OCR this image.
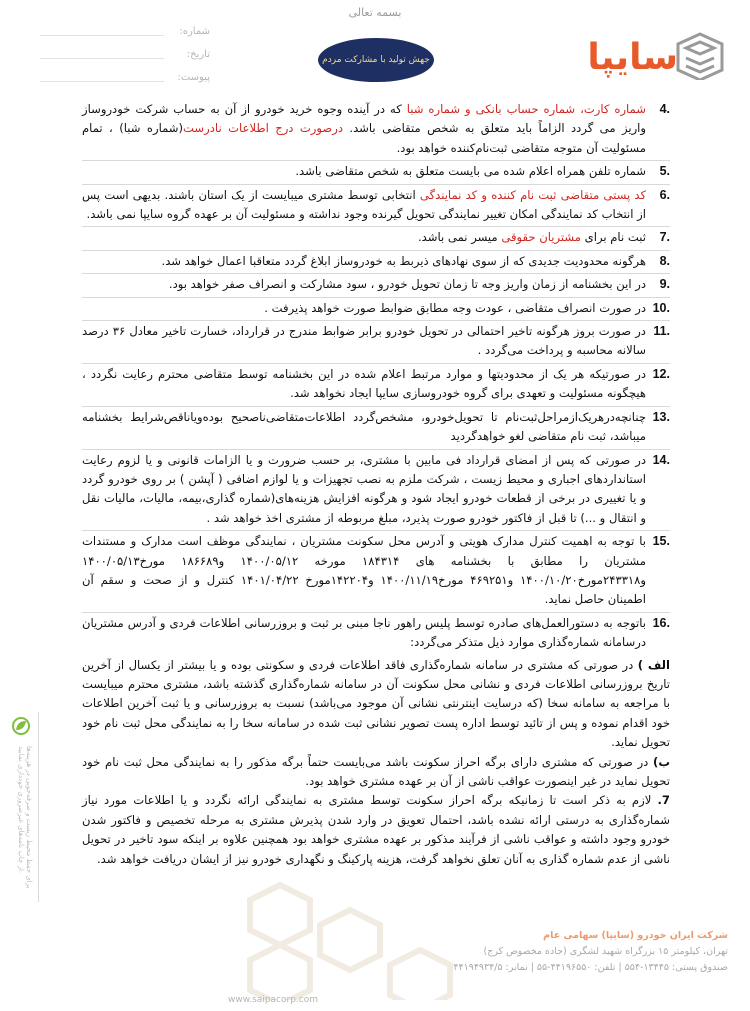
بسمه تعالی
شماره:
تاریخ:
پیوست:
جهش تولید با مشارکت مردم	سایپا
4.

شماره کارت، شماره حساب بانکی و شماره شبا که در آینده وجوه خرید خودرو از آن به حساب شرکت خودروساز واریز می گردد الزاماً باید متعلق به شخص متقاضی باشد. درصورت درج اطلاعات نادرست(شماره شبا) ، تمام مسئولیت آن متوجه متقاضی ثبت‌نام‌کننده خواهد بود.

5.

شماره تلفن همراه اعلام شده می بایست متعلق به شخص متقاضی باشد.

6.

کد پستی متقاضی ثبت نام کننده و کد نمایندگی انتخابی توسط مشتری میبایست از یک استان باشند. بدیهی است پس از انتخاب کد نمایندگی امکان تغییر نمایندگی تحویل گیرنده وجود نداشته و مسئولیت آن بر عهده گروه سایپا نمی باشد.

7.

ثبت نام برای مشتریان حقوقی میسر نمی باشد.

8.

هرگونه محدودیت جدیدی که از سوی نهادهای ذیربط به خودروساز ابلاغ گردد متعاقبا اعمال خواهد شد.

9.

در این بخشنامه از زمان واریز وجه تا زمان تحویل خودرو ، سود مشارکت و انصراف صفر خواهد بود.

10.

در صورت انصراف متقاضی ، عودت وجه مطابق ضوابط صورت خواهد پذیرفت .

11.

در صورت بروز هرگونه تاخیر احتمالی در تحویل خودرو برابر ضوابط مندرج در قرارداد، خسارت تاخیر معادل ۳۶ درصد سالانه محاسبه و پرداخت می‌گردد .

12.

در صورتیکه هر یک از محدودیتها و موارد مرتبط اعلام شده در این بخشنامه توسط متقاضی محترم رعایت نگردد ، هیچگونه مسئولیت و تعهدی برای گروه خودروسازی سایپا ایجاد نخواهد شد.

13.

چنانچه‌درهریک‌ازمراحل‌ثبت‌نام تا تحویل‌خودرو، مشخص‌گردد اطلاعات‌متقاضی‌ناصحیح بوده‌ویاناقص‌شرایط بخشنامه میباشد، ثبت نام متقاضی لغو خواهدگردید

14.

در صورتی که پس از امضای قرارداد فی مابین با مشتری، بر حسب ضرورت و یا الزامات قانونی و یا لزوم رعایت استانداردهای اجباری و محیط زیست ، شرکت ملزم به نصب تجهیزات و یا لوازم اضافی ( آپشن ) بر روی خودرو گردد و یا تغییری در برخی از قطعات خودرو ایجاد شود و هرگونه افزایش هزینه‌های(شماره گذاری،بیمه، مالیات، مالیات نقل و انتقال و ...) تا قبل از فاکتور خودرو صورت پذیرد، مبلغ مربوطه از مشتری اخذ خواهد شد .

15.

با توجه به اهمیت کنترل مدارک هویتی و آدرس محل سکونت مشتریان ، نمایندگی موظف است مدارک و مستندات مشتریان را مطابق با بخشنامه های ۱۸۴۳۱۴ مورخه ۱۴۰۰/۰۵/۱۲ و۱۸۶۶۸۹ مورخ۱۴۰۰/۰۵/۱۳ و۲۴۳۳۱۸مورخ۱۴۰۰/۱۰/۲۰ و۴۶۹۲۵۱ مورخ۱۴۰۰/۱۱/۱۹ و۱۴۲۲۰۴مورخ ۱۴۰۱/۰۴/۲۲ کنترل و از صحت و سقم آن اطمینان حاصل نماید.

16.

باتوجه به دستورالعمل‌های صادره توسط پلیس راهور ناجا مبنی بر ثبت و بروزرسانی اطلاعات فردی و آدرس مشتریان درسامانه شماره‌گذاری موارد ذیل متذکر می‌گردد:

الف ) در صورتی که مشتری در سامانه شماره‌گذاری فاقد اطلاعات فردی و سکونتی بوده و یا بیشتر از یکسال از آخرین تاریخ بروزرسانی اطلاعات فردی و نشانی محل سکونت آن در سامانه شماره‌گذاری گذشته باشد، مشتری محترم میبایست با مراجعه به سامانه سخا (که درسایت اینترنتی نشانی آن موجود می‌باشد) نسبت به بروزرسانی و یا ثبت آخرین اطلاعات خود اقدام نموده و پس از تائید توسط اداره پست تصویر نشانی ثبت شده در سامانه سخا را به نمایندگی محل ثبت نام خود تحویل نماید.

ب) در صورتی که مشتری دارای برگه احراز سکونت باشد می‌بایست حتماً برگه مذکور را به نمایندگی محل ثبت نام خود تحویل نماید در غیر اینصورت عواقب ناشی از آن بر عهده مشتری خواهد بود.

7. لازم به ذکر است تا زمانیکه برگه احراز سکونت توسط مشتری به نمایندگی ارائه نگردد و یا اطلاعات مورد نیاز شماره‌گذاری به درستی ارائه نشده باشد، احتمال تعویق در وارد شدن پذیرش مشتری به مرحله تخصیص و فاکتور شدن خودرو وجود داشته و عواقب ناشی از فرآیند مذکور بر عهده مشتری خواهد بود همچنین علاوه بر اینکه سود تاخیر در تحویل ناشی از عدم شماره گذاری به آنان تعلق نخواهد گرفت، هزینه پارکینگ و نگهداری خودرو نیز از ایشان دریافت خواهد شد.

برای حفظ محیط زیست و صرفه‌جویی در هزینه‌ها از چاپ نامه‌های غیرضروری خودداری نمایید.
شرکت ایران خودرو (سایپا) سهامی عام
تهران، کیلومتر ۱۵ بزرگراه شهید لشگری (جاده مخصوص کرج)
صندوق پستی: ۱۳۴۴۵-۵۵۴ | تلفن: ۴۴۱۹۶۵۵۰-۵۵ | نمابر: ۴۴۱۹۴۹۳۴/۵
www.saipacorp.com
